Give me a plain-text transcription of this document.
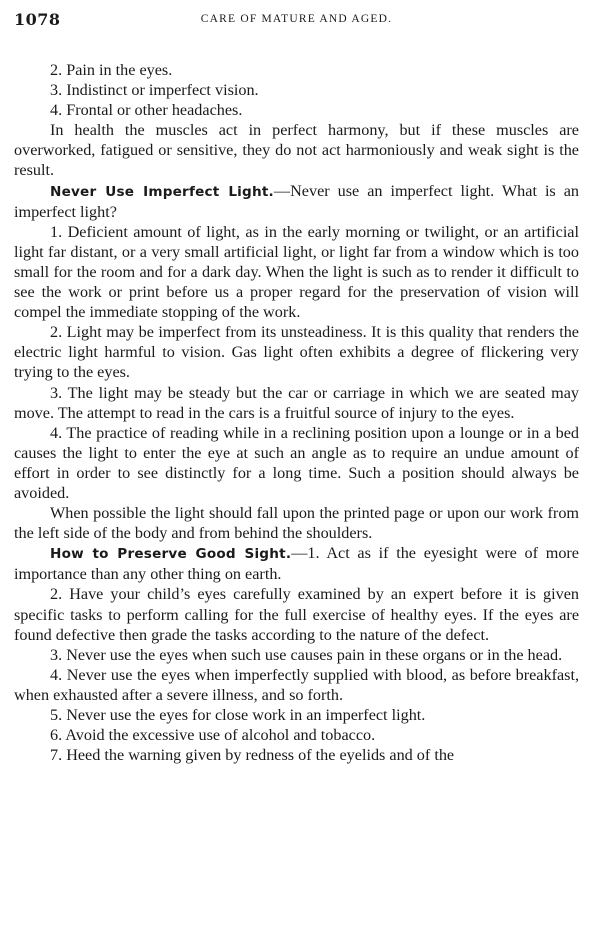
1078	CARE OF MATURE AND AGED.

2. Pain in the eyes.

3. Indistinct or imperfect vision.

4. Frontal or other headaches.

In health the muscles act in perfect harmony, but if these muscles are overworked, fatigued or sensitive, they do not act harmoniously and weak sight is the result.

Never Use Imperfect Light.—Never use an imperfect light. What is an imperfect light?

1. Deficient amount of light, as in the early morning or twilight, or an artificial light far distant, or a very small artificial light, or light far from a window which is too small for the room and for a dark day. When the light is such as to render it difficult to see the work or print before us a proper regard for the preservation of vision will compel the immediate stopping of the work.

2. Light may be imperfect from its unsteadiness. It is this quality that renders the electric light harmful to vision. Gas light often exhibits a degree of flickering very trying to the eyes.

3. The light may be steady but the car or carriage in which we are seated may move. The attempt to read in the cars is a fruitful source of injury to the eyes.

4. The practice of reading while in a reclining position upon a lounge or in a bed causes the light to enter the eye at such an angle as to require an undue amount of effort in order to see distinctly for a long time. Such a position should always be avoided.

When possible the light should fall upon the printed page or upon our work from the left side of the body and from behind the shoulders.

How to Preserve Good Sight.—1. Act as if the eyesight were of more importance than any other thing on earth.

2. Have your child’s eyes carefully examined by an expert before it is given specific tasks to perform calling for the full exercise of healthy eyes. If the eyes are found defective then grade the tasks according to the nature of the defect.

3. Never use the eyes when such use causes pain in these organs or in the head.

4. Never use the eyes when imperfectly supplied with blood, as before breakfast, when exhausted after a severe illness, and so forth.

5. Never use the eyes for close work in an imperfect light.

6. Avoid the excessive use of alcohol and tobacco.

7. Heed the warning given by redness of the eyelids and of the
